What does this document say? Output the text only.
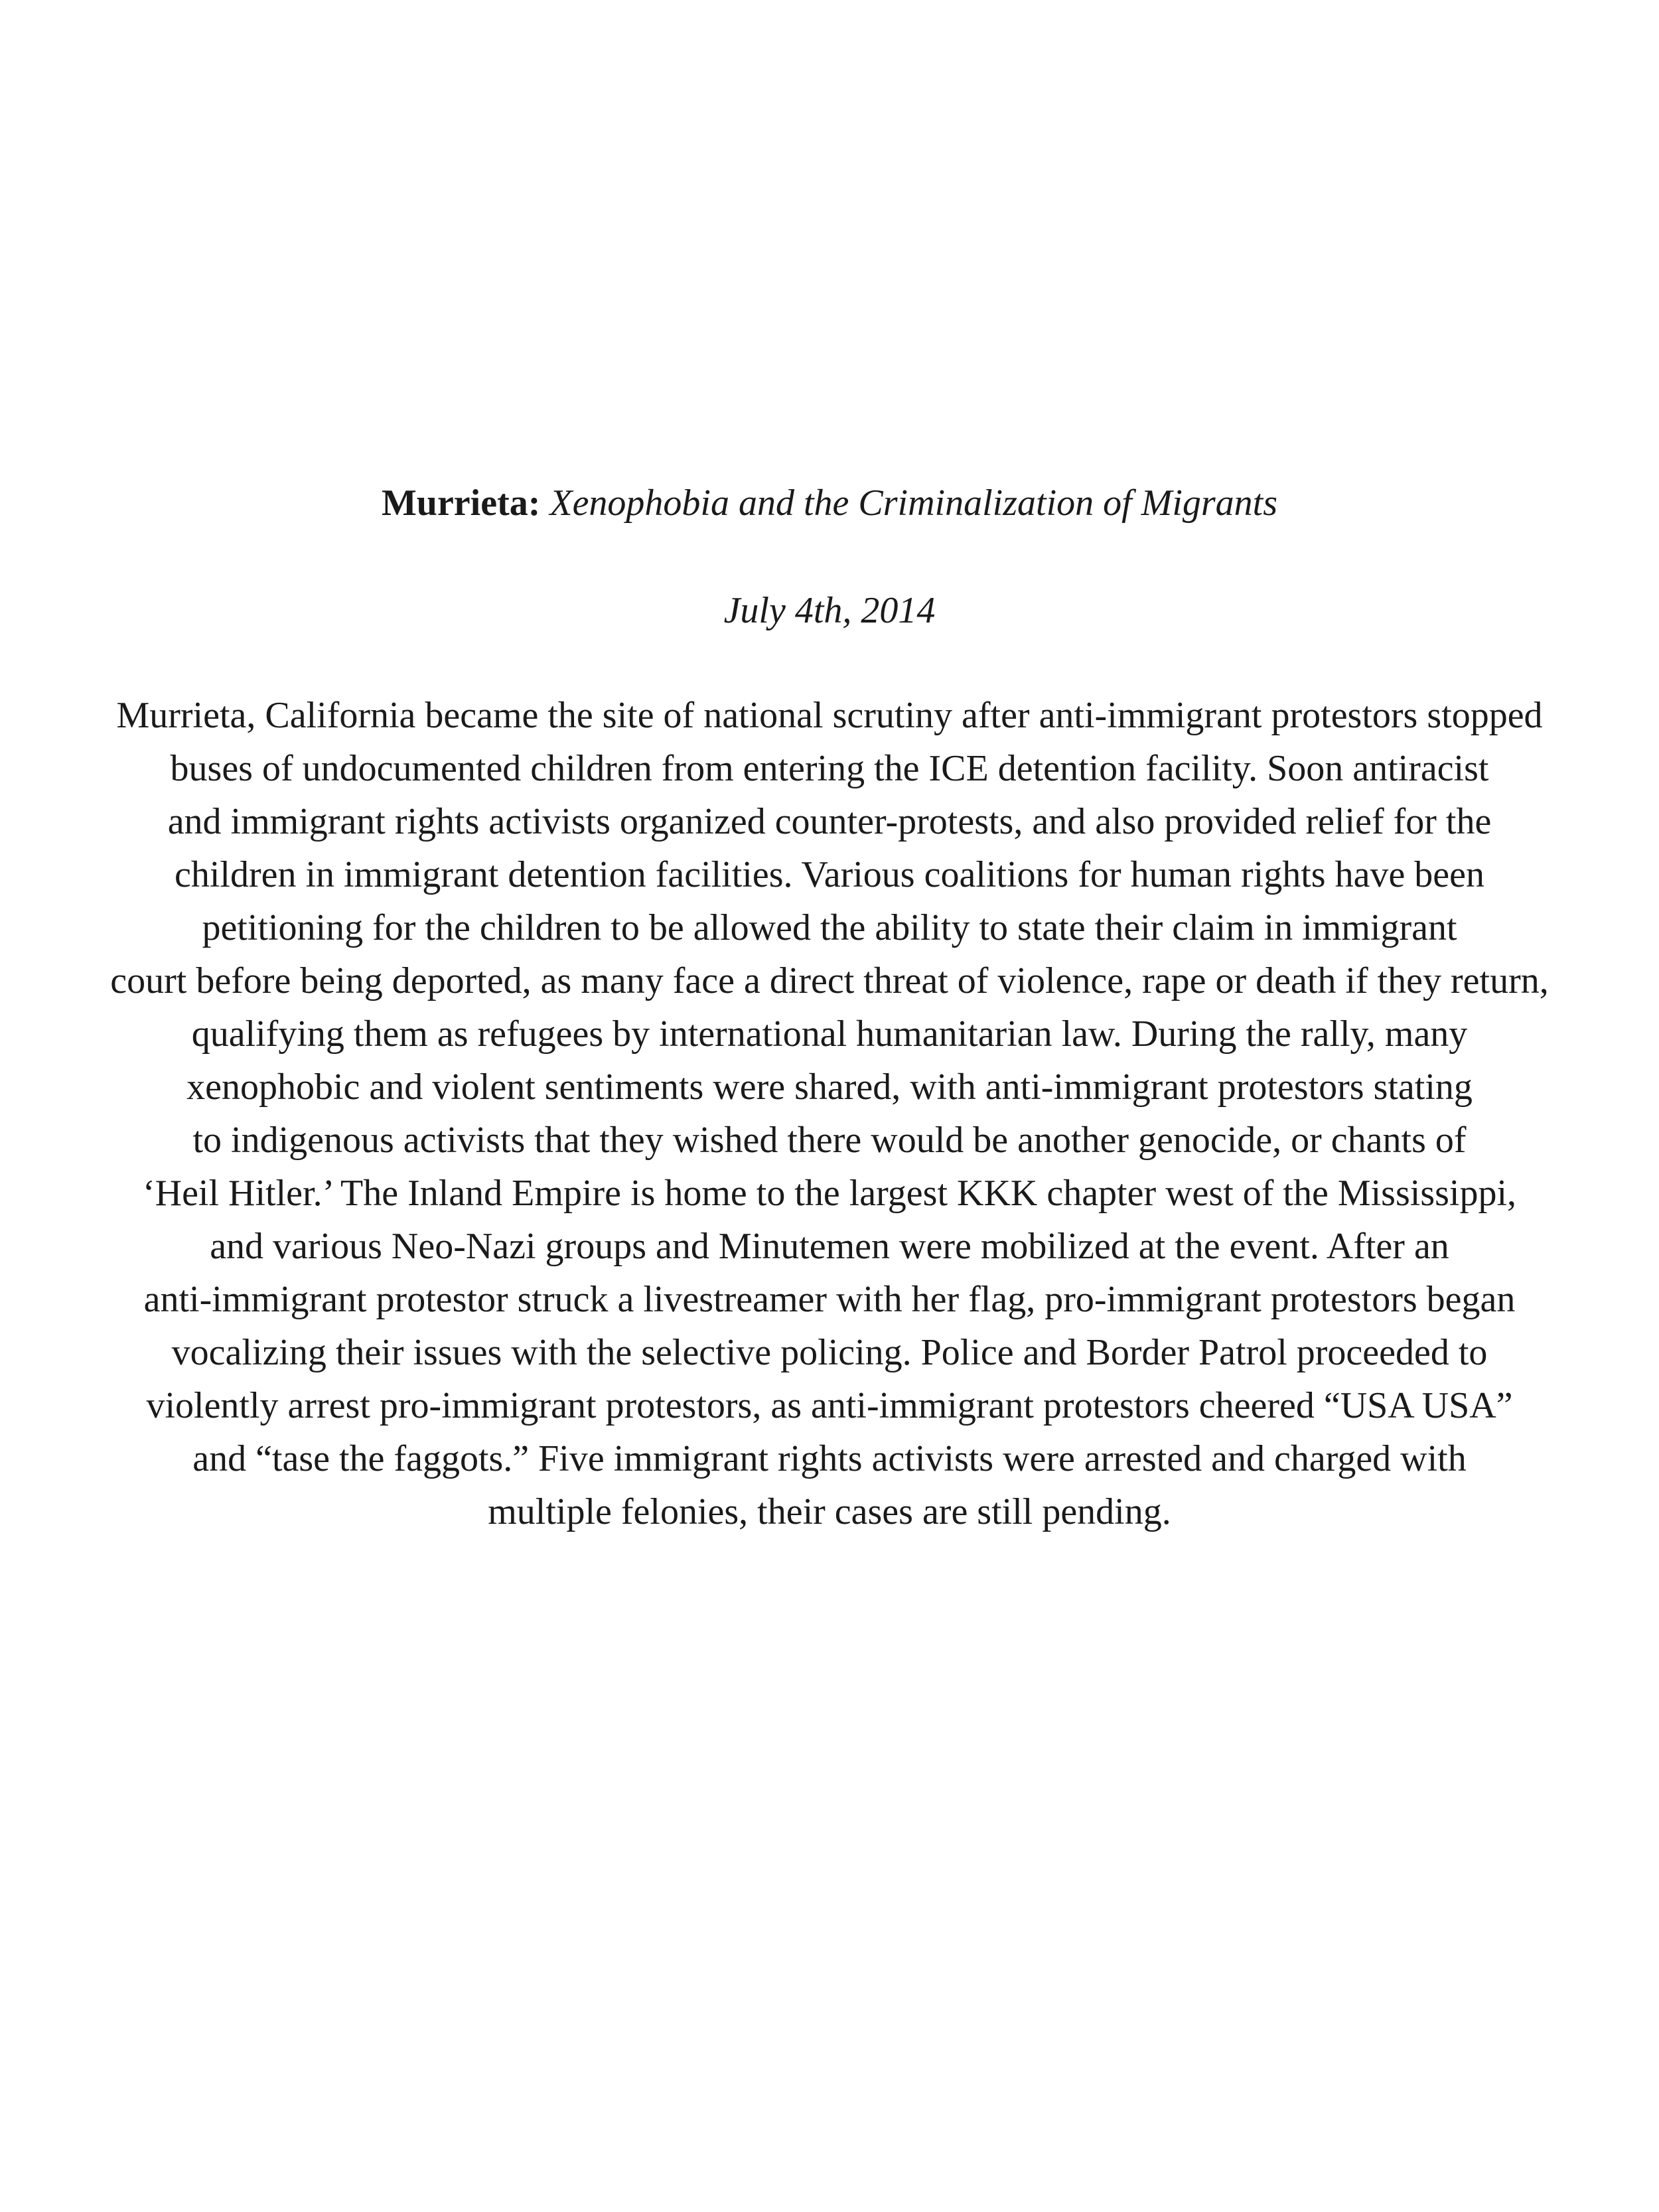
Murrieta: Xenophobia and the Criminalization of Migrants

July 4th, 2014

Murrieta, California became the site of national scrutiny after anti-immigrant protestors stopped
buses of undocumented children from entering the ICE detention facility. Soon antiracist
and immigrant rights activists organized counter-protests, and also provided relief for the
children in immigrant detention facilities. Various coalitions for human rights have been
petitioning for the children to be allowed the ability to state their claim in immigrant
court before being deported, as many face a direct threat of violence, rape or death if they return,
qualifying them as refugees by international humanitarian law. During the rally, many
xenophobic and violent sentiments were shared, with anti-immigrant protestors stating
to indigenous activists that they wished there would be another genocide, or chants of
‘Heil Hitler.’ The Inland Empire is home to the largest KKK chapter west of the Mississippi,
and various Neo-Nazi groups and Minutemen were mobilized at the event. After an
anti-immigrant protestor struck a livestreamer with her flag, pro-immigrant protestors began
vocalizing their issues with the selective policing. Police and Border Patrol proceeded to
violently arrest pro-immigrant protestors, as anti-immigrant protestors cheered “USA USA”
and “tase the faggots.” Five immigrant rights activists were arrested and charged with
multiple felonies, their cases are still pending.
